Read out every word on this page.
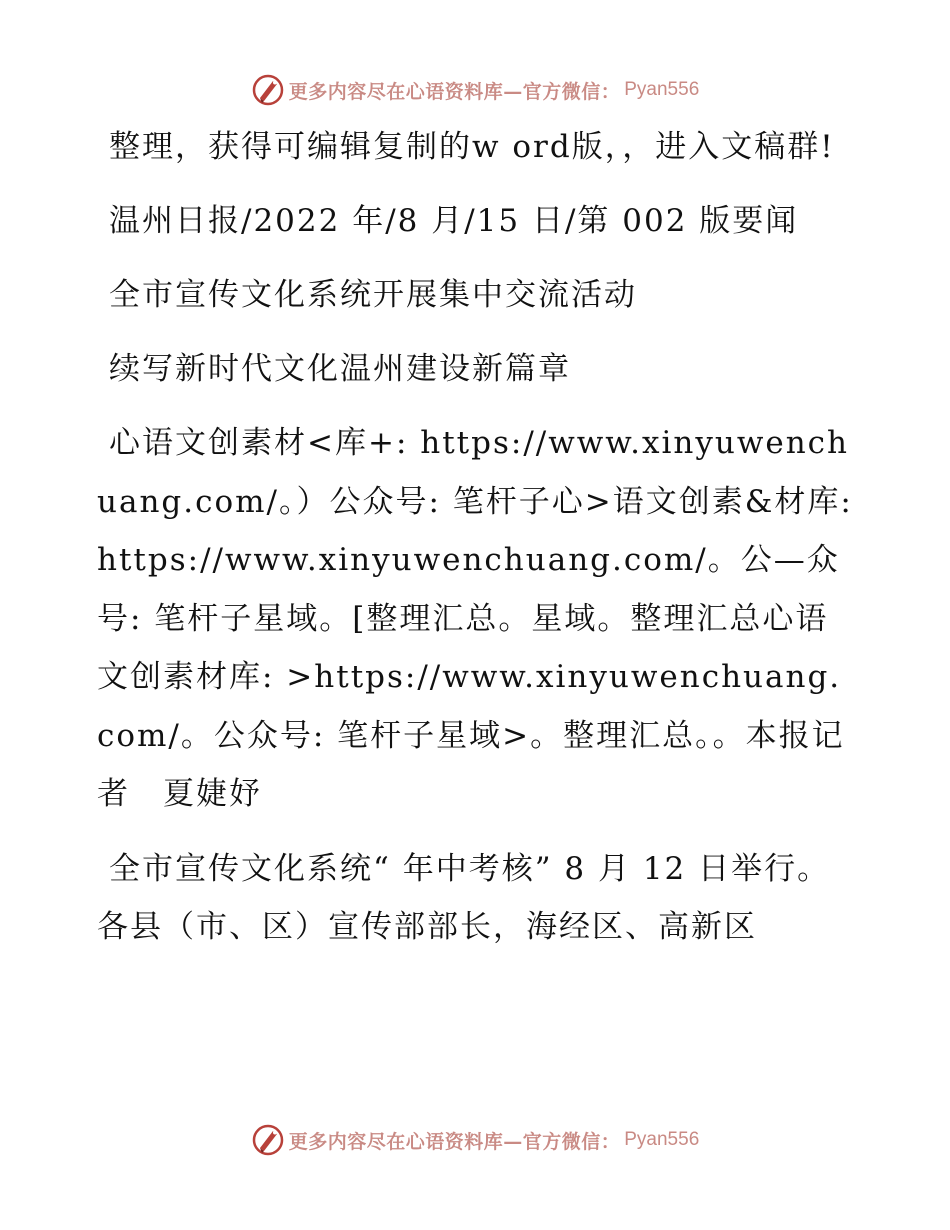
更多内容尽在心语资料库—官方微信： Pyan556

整理，获得可编辑复制的w ord版，，进入文稿群!

温州日报/2022 年/8 月/15 日/第 002 版要闻

全市宣传文化系统开展集中交流活动

续写新时代文化温州建设新篇章

心语文创素材<库+: https://www.xinyuwenchuang.com/。）公众号: 笔杆子心>语文创素&材库: https://www.xinyuwenchuang.com/。公—众号: 笔杆子星域。[整理汇总。星域。整理汇总心语文创素材库: >https://www.xinyuwenchuang.com/。公众号: 笔杆子星域>。整理汇总。。本报记者　夏婕妤

全市宣传文化系统“ 年中考核” 8 月 12 日举行。各县（市、区）宣传部部长，海经区、高新区

更多内容尽在心语资料库—官方微信： Pyan556
